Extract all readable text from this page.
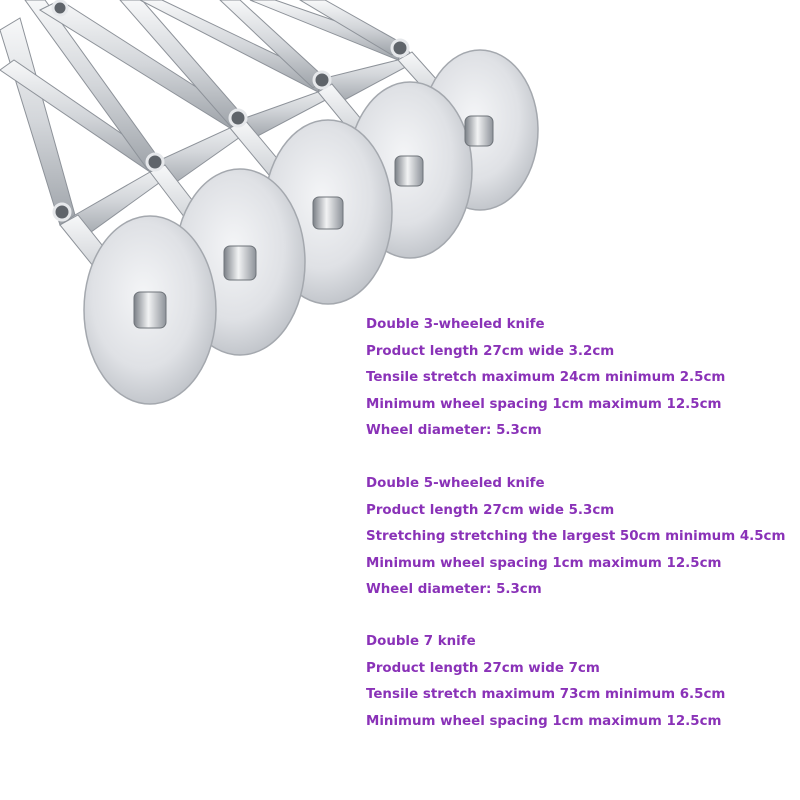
Double 3-wheeled knife

Product length 27cm wide 3.2cm

Tensile stretch maximum 24cm minimum 2.5cm

Minimum wheel spacing 1cm maximum 12.5cm

Wheel diameter: 5.3cm

Double 5-wheeled knife

Product length 27cm wide 5.3cm

Stretching stretching the largest 50cm minimum 4.5cm

Minimum wheel spacing 1cm maximum 12.5cm

Wheel diameter: 5.3cm

Double 7 knife

Product length 27cm wide 7cm

Tensile stretch maximum 73cm minimum 6.5cm

Minimum wheel spacing 1cm maximum 12.5cm
